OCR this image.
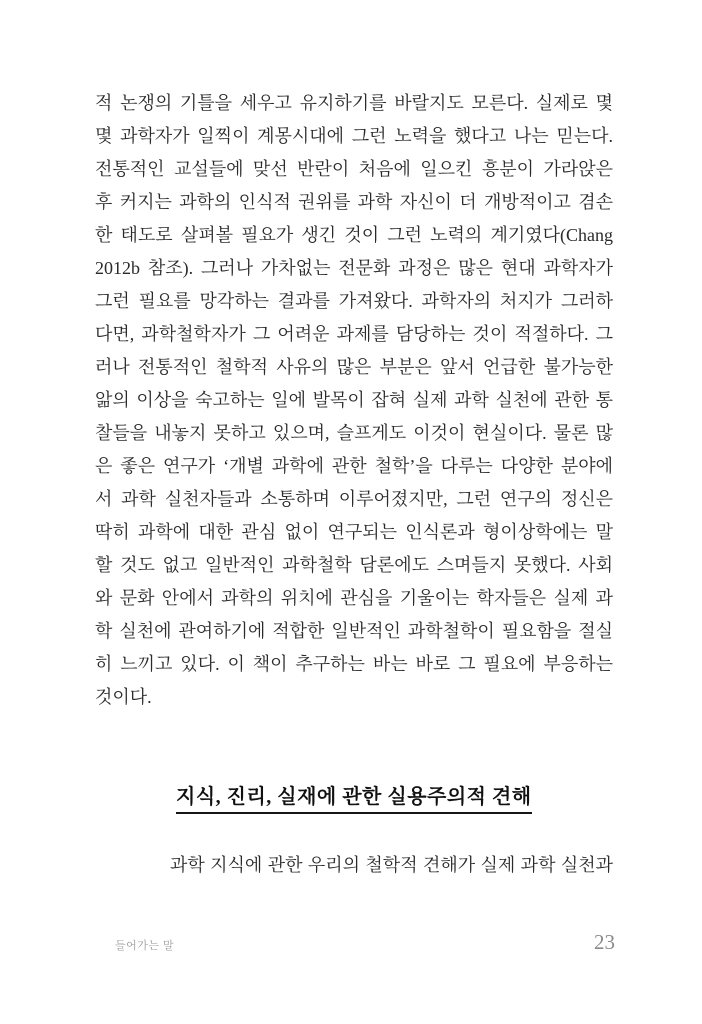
적 논쟁의 기틀을 세우고 유지하기를 바랄지도 모른다. 실제로 몇
몇 과학자가 일찍이 계몽시대에 그런 노력을 했다고 나는 믿는다.
전통적인 교설들에 맞선 반란이 처음에 일으킨 흥분이 가라앉은
후 커지는 과학의 인식적 권위를 과학 자신이 더 개방적이고 겸손
한 태도로 살펴볼 필요가 생긴 것이 그런 노력의 계기였다(Chang
2012b 참조). 그러나 가차없는 전문화 과정은 많은 현대 과학자가
그런 필요를 망각하는 결과를 가져왔다. 과학자의 처지가 그러하
다면, 과학철학자가 그 어려운 과제를 담당하는 것이 적절하다. 그
러나 전통적인 철학적 사유의 많은 부분은 앞서 언급한 불가능한
앎의 이상을 숙고하는 일에 발목이 잡혀 실제 과학 실천에 관한 통
찰들을 내놓지 못하고 있으며, 슬프게도 이것이 현실이다. 물론 많
은 좋은 연구가 ‘개별 과학에 관한 철학’을 다루는 다양한 분야에
서 과학 실천자들과 소통하며 이루어졌지만, 그런 연구의 정신은
딱히 과학에 대한 관심 없이 연구되는 인식론과 형이상학에는 말
할 것도 없고 일반적인 과학철학 담론에도 스며들지 못했다. 사회
와 문화 안에서 과학의 위치에 관심을 기울이는 학자들은 실제 과
학 실천에 관여하기에 적합한 일반적인 과학철학이 필요함을 절실
히 느끼고 있다. 이 책이 추구하는 바는 바로 그 필요에 부응하는
것이다.
지식, 진리, 실재에 관한 실용주의적 견해
과학 지식에 관한 우리의 철학적 견해가 실제 과학 실천과
들어가는 말	23
